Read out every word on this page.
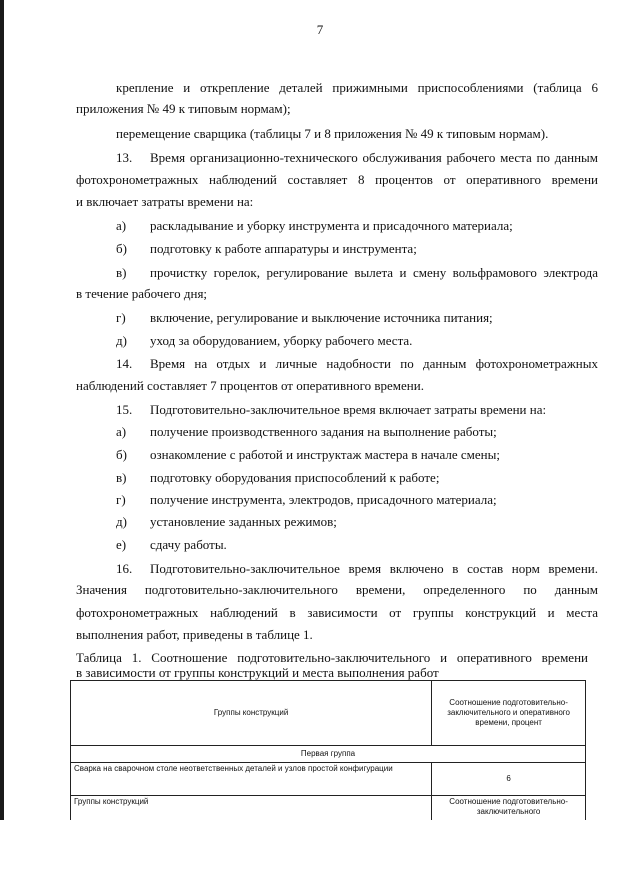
7
крепление и открепление деталей прижимными приспособлениями (таблица 6
приложения № 49 к типовым нормам);
перемещение сварщика (таблицы 7 и 8 приложения № 49 к типовым нормам).
13. Время организационно-технического обслуживания рабочего места по данным
фотохронометражных наблюдений составляет 8 процентов от оперативного времени
и включает затраты времени на:
а) раскладывание и уборку инструмента и присадочного материала;
б) подготовку к работе аппаратуры и инструмента;
в) прочистку горелок, регулирование вылета и смену вольфрамового электрода
в течение рабочего дня;
г) включение, регулирование и выключение источника питания;
д) уход за оборудованием, уборку рабочего места.
14. Время на отдых и личные надобности по данным фотохронометражных
наблюдений составляет 7 процентов от оперативного времени.
15. Подготовительно-заключительное время включает затраты времени на:
а) получение производственного задания на выполнение работы;
б) ознакомление с работой и инструктаж мастера в начале смены;
в) подготовку оборудования приспособлений к работе;
г) получение инструмента, электродов, присадочного материала;
д) установление заданных режимов;
е) сдачу работы.
16. Подготовительно-заключительное время включено в состав норм времени.
Значения подготовительно-заключительного времени, определенного по данным
фотохронометражных наблюдений в зависимости от группы конструкций и места
выполнения работ, приведены в таблице 1.
Таблица 1. Соотношение подготовительно-заключительного и оперативного времени
в зависимости от группы конструкций и места выполнения работ
Группы конструкций	Соотношение подготовительно-заключительного и оперативного времени, процент
Первая группа	
Сварка на сварочном столе неответственных деталей и узлов простой конфигурации	6
Группы конструкций	Соотношение подготовительно-заключительного
